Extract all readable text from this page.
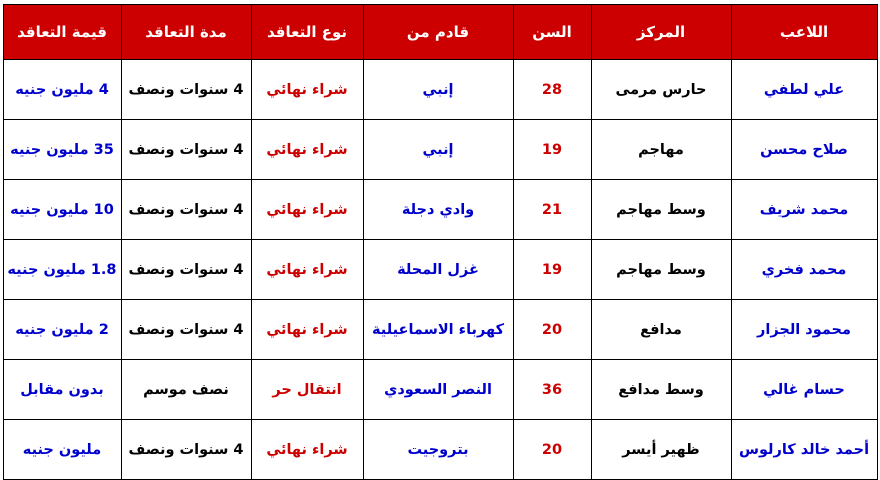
اللاعب	المركز	السن	قادم من	نوع التعاقد	مدة التعاقد	قيمة التعاقد
علي لطفي	حارس مرمى	28	إنبي	شراء نهائي	4 سنوات ونصف	4 مليون جنيه
صلاح محسن	مهاجم	19	إنبي	شراء نهائي	4 سنوات ونصف	35 مليون جنيه
محمد شريف	وسط مهاجم	21	وادي دجلة	شراء نهائي	4 سنوات ونصف	10 مليون جنيه
محمد فخري	وسط مهاجم	19	غزل المحلة	شراء نهائي	4 سنوات ونصف	1.8 مليون جنيه
محمود الجزار	مدافع	20	كهرباء الاسماعيلية	شراء نهائي	4 سنوات ونصف	2 مليون جنيه
حسام غالي	وسط مدافع	36	النصر السعودي	انتقال حر	نصف موسم	بدون مقابل
أحمد خالد كارلوس	ظهير أيسر	20	بتروجيت	شراء نهائي	4 سنوات ونصف	مليون جنيه
